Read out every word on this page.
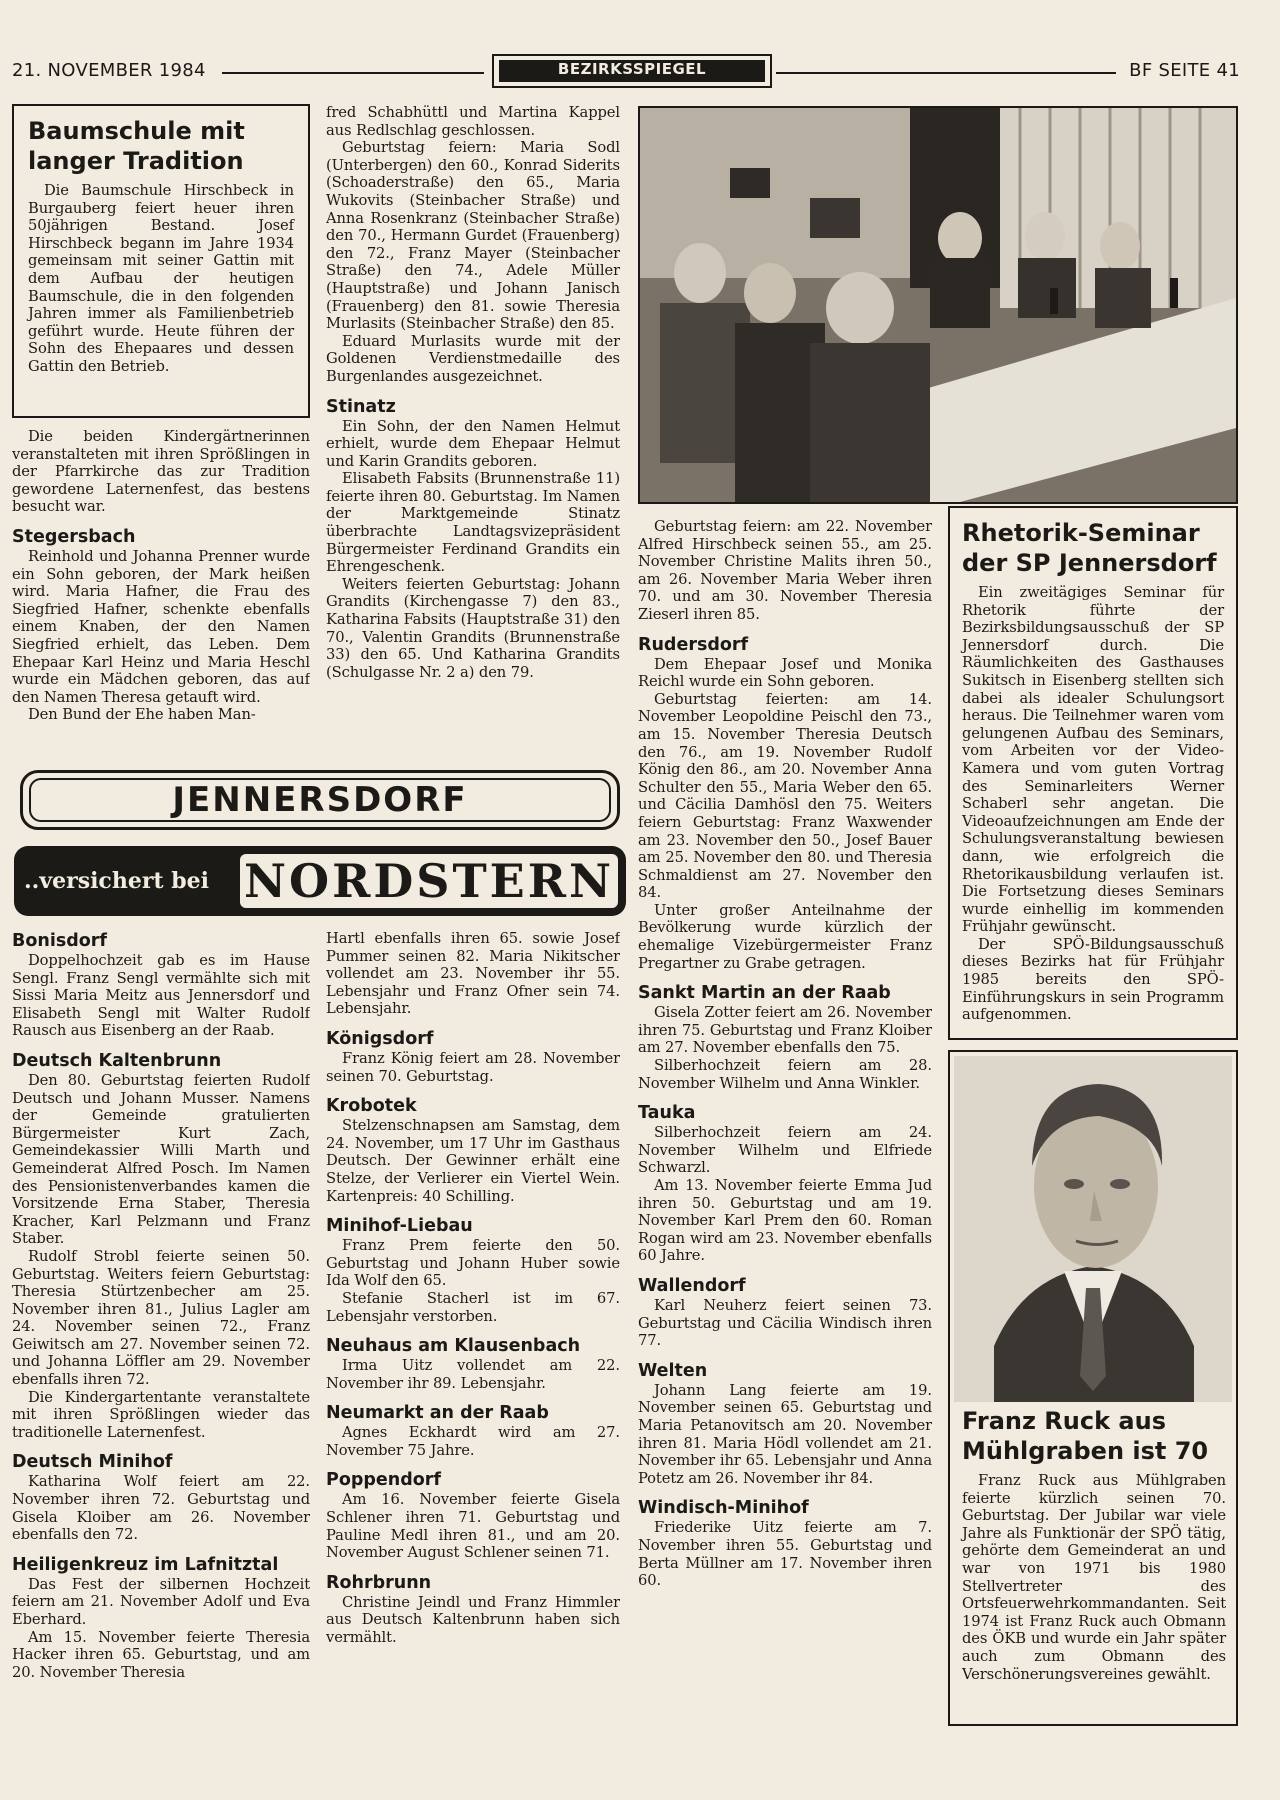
21. NOVEMBER 1984	BEZIRKSSPIEGEL	BF SEITE 41
Baumschule mit langer Tradition

Die Baumschule Hirschbeck in Burgauberg feiert heuer ihren 50jährigen Bestand. Josef Hirschbeck begann im Jahre 1934 gemeinsam mit seiner Gattin mit dem Aufbau der heutigen Baumschule, die in den folgenden Jahren immer als Familienbetrieb geführt wurde. Heute führen der Sohn des Ehepaares und dessen Gattin den Betrieb.

Die beiden Kindergärtnerinnen veranstalteten mit ihren Sprößlingen in der Pfarrkirche das zur Tradition gewordene Laternenfest, das bestens besucht war.

Stegersbach

Reinhold und Johanna Prenner wurde ein Sohn geboren, der Mark heißen wird. Maria Hafner, die Frau des Siegfried Hafner, schenkte ebenfalls einem Knaben, der den Namen Siegfried erhielt, das Leben. Dem Ehepaar Karl Heinz und Maria Heschl wurde ein Mädchen geboren, das auf den Namen Theresa getauft wird.

Den Bund der Ehe haben Man-

fred Schabhüttl und Martina Kappel aus Redlschlag geschlossen.

Geburtstag feiern: Maria Sodl (Unterbergen) den 60., Konrad Siderits (Schoaderstraße) den 65., Maria Wukovits (Steinbacher Straße) und Anna Rosenkranz (Steinbacher Straße) den 70., Hermann Gurdet (Frauenberg) den 72., Franz Mayer (Steinbacher Straße) den 74., Adele Müller (Hauptstraße) und Johann Janisch (Frauenberg) den 81. sowie Theresia Murlasits (Steinbacher Straße) den 85.

Eduard Murlasits wurde mit der Goldenen Verdienstmedaille des Burgenlandes ausgezeichnet.

Stinatz

Ein Sohn, der den Namen Helmut erhielt, wurde dem Ehepaar Helmut und Karin Grandits geboren.

Elisabeth Fabsits (Brunnenstraße 11) feierte ihren 80. Geburtstag. Im Namen der Marktgemeinde Stinatz überbrachte Landtagsvizepräsident Bürgermeister Ferdinand Grandits ein Ehrengeschenk.

Weiters feierten Geburtstag: Johann Grandits (Kirchengasse 7) den 83., Katharina Fabsits (Hauptstraße 31) den 70., Valentin Grandits (Brunnenstraße 33) den 65. Und Katharina Grandits (Schulgasse Nr. 2 a) den 79.

JENNERSDORF
..versichert bei NORDSTERN
Bonisdorf

Doppelhochzeit gab es im Hause Sengl. Franz Sengl vermählte sich mit Sissi Maria Meitz aus Jennersdorf und Elisabeth Sengl mit Walter Rudolf Rausch aus Eisenberg an der Raab.

Deutsch Kaltenbrunn

Den 80. Geburtstag feierten Rudolf Deutsch und Johann Musser. Namens der Gemeinde gratulierten Bürgermeister Kurt Zach, Gemeindekassier Willi Marth und Gemeinderat Alfred Posch. Im Namen des Pensionistenverbandes kamen die Vorsitzende Erna Staber, Theresia Kracher, Karl Pelzmann und Franz Staber.

Rudolf Strobl feierte seinen 50. Geburtstag. Weiters feiern Geburtstag: Theresia Stürtzenbecher am 25. November ihren 81., Julius Lagler am 24. November seinen 72., Franz Geiwitsch am 27. November seinen 72. und Johanna Löffler am 29. November ebenfalls ihren 72.

Die Kindergartentante veranstaltete mit ihren Sprößlingen wieder das traditionelle Laternenfest.

Deutsch Minihof

Katharina Wolf feiert am 22. November ihren 72. Geburtstag und Gisela Kloiber am 26. November ebenfalls den 72.

Heiligenkreuz im Lafnitztal

Das Fest der silbernen Hochzeit feiern am 21. November Adolf und Eva Eberhard.

Am 15. November feierte Theresia Hacker ihren 65. Geburtstag, und am 20. November Theresia

Hartl ebenfalls ihren 65. sowie Josef Pummer seinen 82. Maria Nikitscher vollendet am 23. November ihr 55. Lebensjahr und Franz Ofner sein 74. Lebensjahr.

Königsdorf

Franz König feiert am 28. November seinen 70. Geburtstag.

Krobotek

Stelzenschnapsen am Samstag, dem 24. November, um 17 Uhr im Gasthaus Deutsch. Der Gewinner erhält eine Stelze, der Verlierer ein Viertel Wein. Kartenpreis: 40 Schilling.

Minihof-Liebau

Franz Prem feierte den 50. Geburtstag und Johann Huber sowie Ida Wolf den 65.

Stefanie Stacherl ist im 67. Lebensjahr verstorben.

Neuhaus am Klausenbach

Irma Uitz vollendet am 22. November ihr 89. Lebensjahr.

Neumarkt an der Raab

Agnes Eckhardt wird am 27. November 75 Jahre.

Poppendorf

Am 16. November feierte Gisela Schlener ihren 71. Geburtstag und Pauline Medl ihren 81., und am 20. November August Schlener seinen 71.

Rohrbrunn

Christine Jeindl und Franz Himmler aus Deutsch Kaltenbrunn haben sich vermählt.

Geburtstag feiern: am 22. November Alfred Hirschbeck seinen 55., am 25. November Christine Malits ihren 50., am 26. November Maria Weber ihren 70. und am 30. November Theresia Zieserl ihren 85.

Rudersdorf

Dem Ehepaar Josef und Monika Reichl wurde ein Sohn geboren.

Geburtstag feierten: am 14. November Leopoldine Peischl den 73., am 15. November Theresia Deutsch den 76., am 19. November Rudolf König den 86., am 20. November Anna Schulter den 55., Maria Weber den 65. und Cäcilia Damhösl den 75. Weiters feiern Geburtstag: Franz Waxwender am 23. November den 50., Josef Bauer am 25. November den 80. und Theresia Schmaldienst am 27. November den 84.

Unter großer Anteilnahme der Bevölkerung wurde kürzlich der ehemalige Vizebürgermeister Franz Pregartner zu Grabe getragen.

Sankt Martin an der Raab

Gisela Zotter feiert am 26. November ihren 75. Geburtstag und Franz Kloiber am 27. November ebenfalls den 75.

Silberhochzeit feiern am 28. November Wilhelm und Anna Winkler.

Tauka

Silberhochzeit feiern am 24. November Wilhelm und Elfriede Schwarzl.

Am 13. November feierte Emma Jud ihren 50. Geburtstag und am 19. November Karl Prem den 60. Roman Rogan wird am 23. November ebenfalls 60 Jahre.

Wallendorf

Karl Neuherz feiert seinen 73. Geburtstag und Cäcilia Windisch ihren 77.

Welten

Johann Lang feierte am 19. November seinen 65. Geburtstag und Maria Petanovitsch am 20. November ihren 81. Maria Hödl vollendet am 21. November ihr 65. Lebensjahr und Anna Potetz am 26. November ihr 84.

Windisch-Minihof

Friederike Uitz feierte am 7. November ihren 55. Geburtstag und Berta Müllner am 17. November ihren 60.

Rhetorik-Seminar der SP Jennersdorf

Ein zweitägiges Seminar für Rhetorik führte der Bezirksbildungsausschuß der SP Jennersdorf durch. Die Räumlichkeiten des Gasthauses Sukitsch in Eisenberg stellten sich dabei als idealer Schulungsort heraus. Die Teilnehmer waren vom gelungenen Aufbau des Seminars, vom Arbeiten vor der Video-Kamera und vom guten Vortrag des Seminarleiters Werner Schaberl sehr angetan. Die Videoaufzeichnungen am Ende der Schulungsveranstaltung bewiesen dann, wie erfolgreich die Rhetorikausbildung verlaufen ist. Die Fortsetzung dieses Seminars wurde einhellig im kommenden Frühjahr gewünscht.

Der SPÖ-Bildungsausschuß dieses Bezirks hat für Frühjahr 1985 bereits den SPÖ-Einführungskurs in sein Programm aufgenommen.

Franz Ruck aus Mühlgraben ist 70

Franz Ruck aus Mühlgraben feierte kürzlich seinen 70. Geburtstag. Der Jubilar war viele Jahre als Funktionär der SPÖ tätig, gehörte dem Gemeinderat an und war von 1971 bis 1980 Stellvertreter des Ortsfeuerwehrkommandanten. Seit 1974 ist Franz Ruck auch Obmann des ÖKB und wurde ein Jahr später auch zum Obmann des Verschönerungsvereines gewählt.
